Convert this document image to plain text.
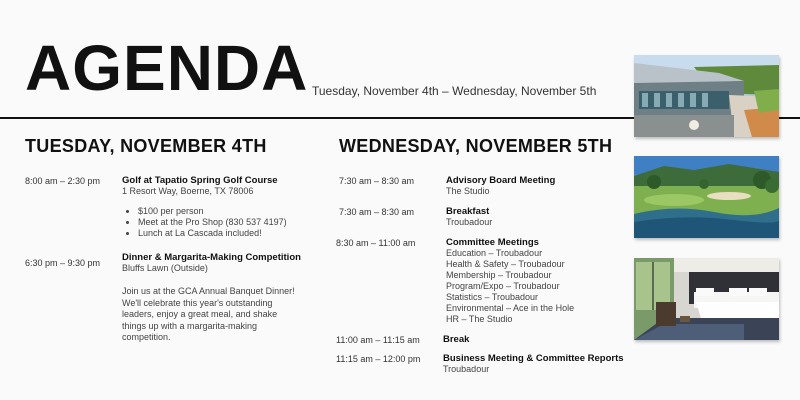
AGENDA Tuesday, November 4th – Wednesday, November 5th
TUESDAY, NOVEMBER 4TH
8:00 am – 2:30 pm Golf at Tapatio Spring Golf Course
1 Resort Way, Boerne, TX 78006
• $100 per person
• Meet at the Pro Shop (830 537 4197)
• Lunch at La Cascada included!
6:30 pm – 9:30 pm Dinner & Margarita-Making Competition
Bluffs Lawn (Outside)
Join us at the GCA Annual Banquet Dinner! We'll celebrate this year's outstanding leaders, enjoy a great meal, and shake things up with a margarita-making competition.
WEDNESDAY, NOVEMBER 5TH
7:30 am – 8:30 am	Advisory Board Meeting
The Studio
7:30 am – 8:30 am	Breakfast
Troubadour
8:30 am – 11:00 am	Committee Meetings
Education – Troubadour
Health & Safety – Troubadour
Membership – Troubadour
Program/Expo – Troubadour
Statistics – Troubadour
Environmental – Ace in the Hole
HR – The Studio
11:00 am – 11:15 am Break
11:15 am – 12:00 pm Business Meeting & Committee Reports
Troubadour
